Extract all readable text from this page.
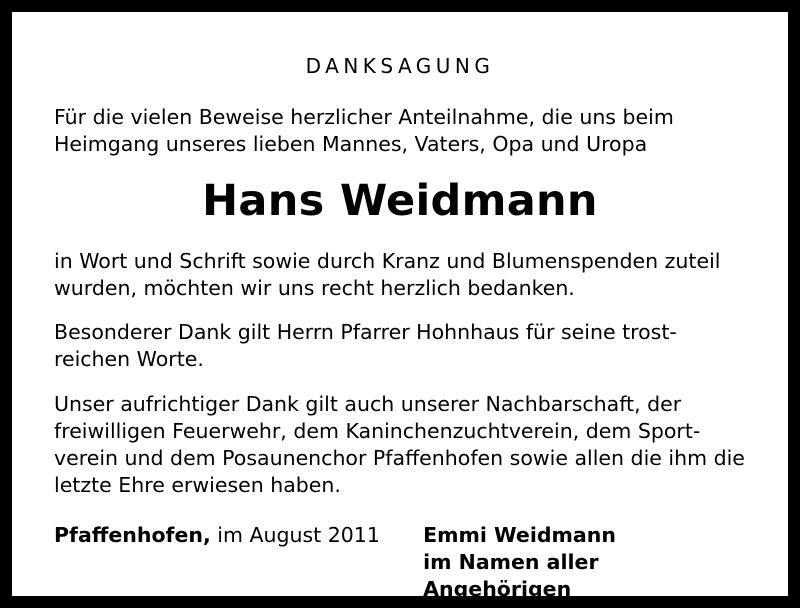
DANKSAGUNG

Für die vielen Beweise herzlicher Anteilnahme, die uns beim Heimgang unseres lieben Mannes, Vaters, Opa und Uropa

Hans Weidmann

in Wort und Schrift sowie durch Kranz und Blumenspenden zuteil wurden, möchten wir uns recht herzlich bedanken.

Besonderer Dank gilt Herrn Pfarrer Hohnhaus für seine trost-reichen Worte.

Unser aufrichtiger Dank gilt auch unserer Nachbarschaft, der freiwilligen Feuerwehr, dem Kaninchenzuchtverein, dem Sport-verein und dem Posaunenchor Pfaffenhofen sowie allen die ihm die letzte Ehre erwiesen haben.

Pfaffenhofen, im August 2011	Emmi Weidmann
im Namen aller Angehörigen
